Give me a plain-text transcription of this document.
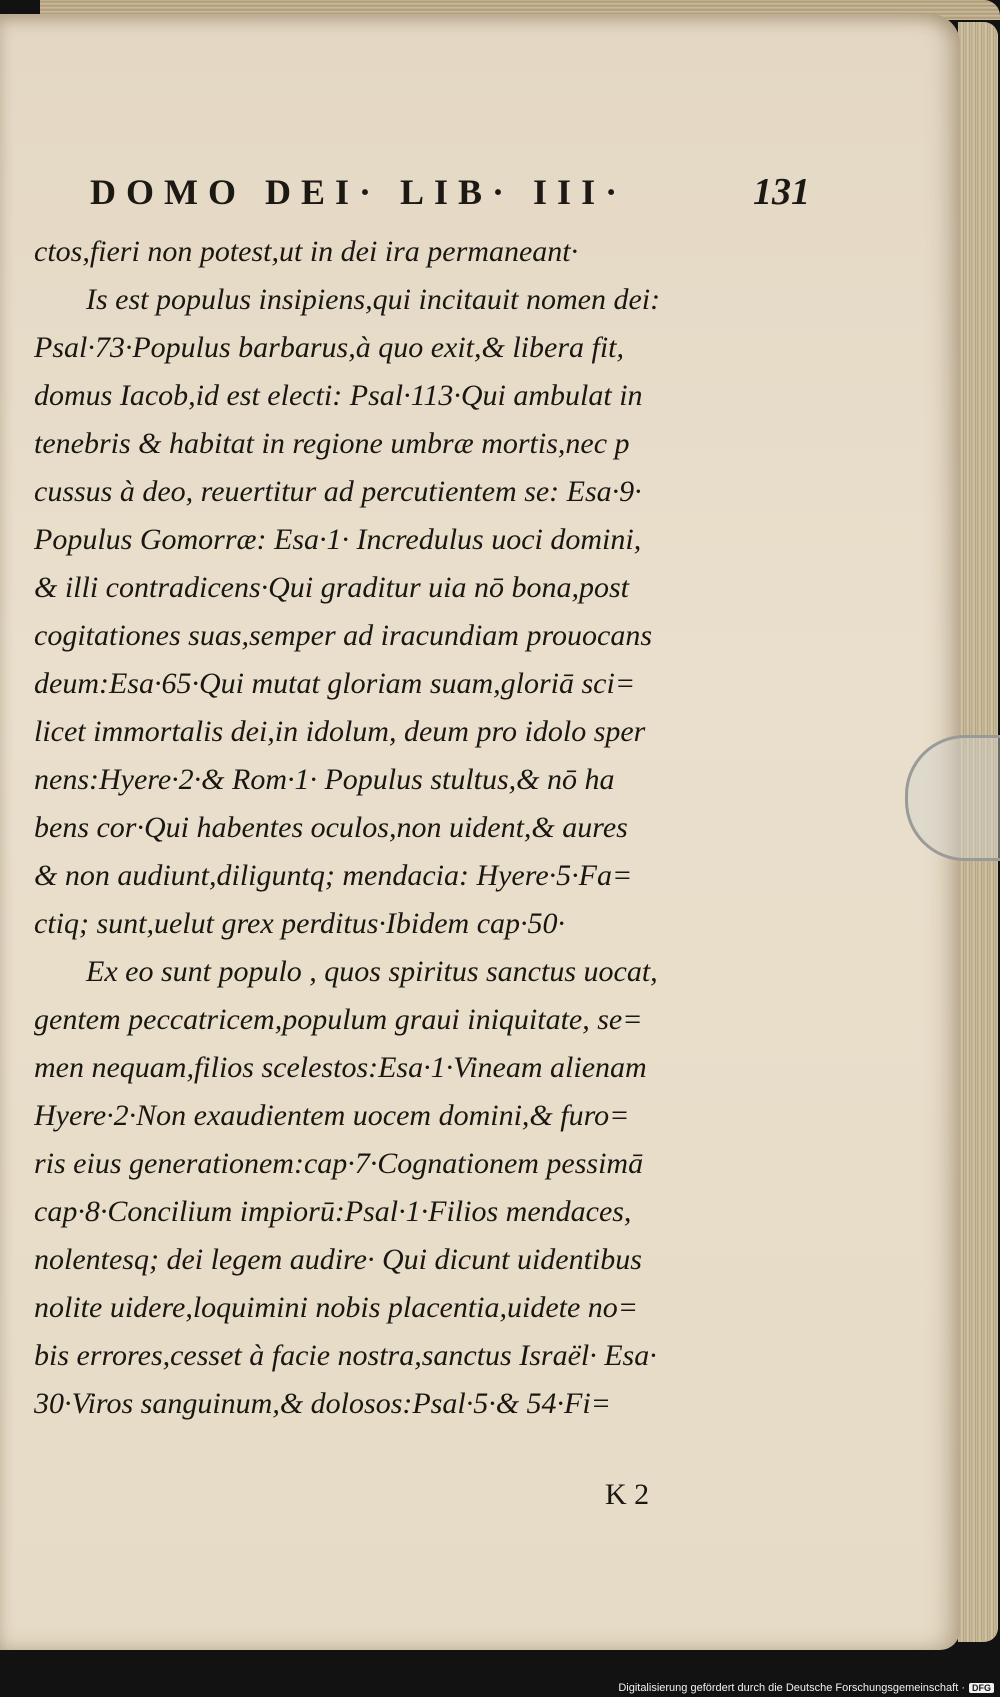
DOMO DEI· LIB· III·	131
ctos,fieri non potest,ut in dei ira permaneant·
Is est populus insipiens,qui incitauit nomen dei:
Psal·73·Populus barbarus,à quo exit,& libera fit,
domus Iacob,id est electi: Psal·113·Qui ambulat in
tenebris & habitat in regione umbræ mortis,nec p
cussus à deo, reuertitur ad percutientem se: Esa·9·
Populus Gomorræ: Esa·1· Incredulus uoci domini,
& illi contradicens·Qui graditur uia nō bona,post
cogitationes suas,semper ad iracundiam prouocans
deum:Esa·65·Qui mutat gloriam suam,gloriā sci=
licet immortalis dei,in idolum, deum pro idolo sper
nens:Hyere·2·& Rom·1· Populus stultus,& nō ha
bens cor·Qui habentes oculos,non uident,& aures
& non audiunt,diliguntq; mendacia: Hyere·5·Fa=
ctiq; sunt,uelut grex perditus·Ibidem cap·50·
Ex eo sunt populo , quos spiritus sanctus uocat,
gentem peccatricem,populum graui iniquitate, se=
men nequam,filios scelestos:Esa·1·Vineam alienam
Hyere·2·Non exaudientem uocem domini,& furo=
ris eius generationem:cap·7·Cognationem pessimā
cap·8·Concilium impiorū:Psal·1·Filios mendaces,
nolentesq; dei legem audire· Qui dicunt uidentibus
nolite uidere,loquimini nobis placentia,uidete no=
bis errores,cesset à facie nostra,sanctus Israël· Esa·
30·Viros sanguinum,& dolosos:Psal·5·& 54·Fi=
K 2
Digitalisierung gefördert durch die Deutsche Forschungsgemeinschaft · DFG
